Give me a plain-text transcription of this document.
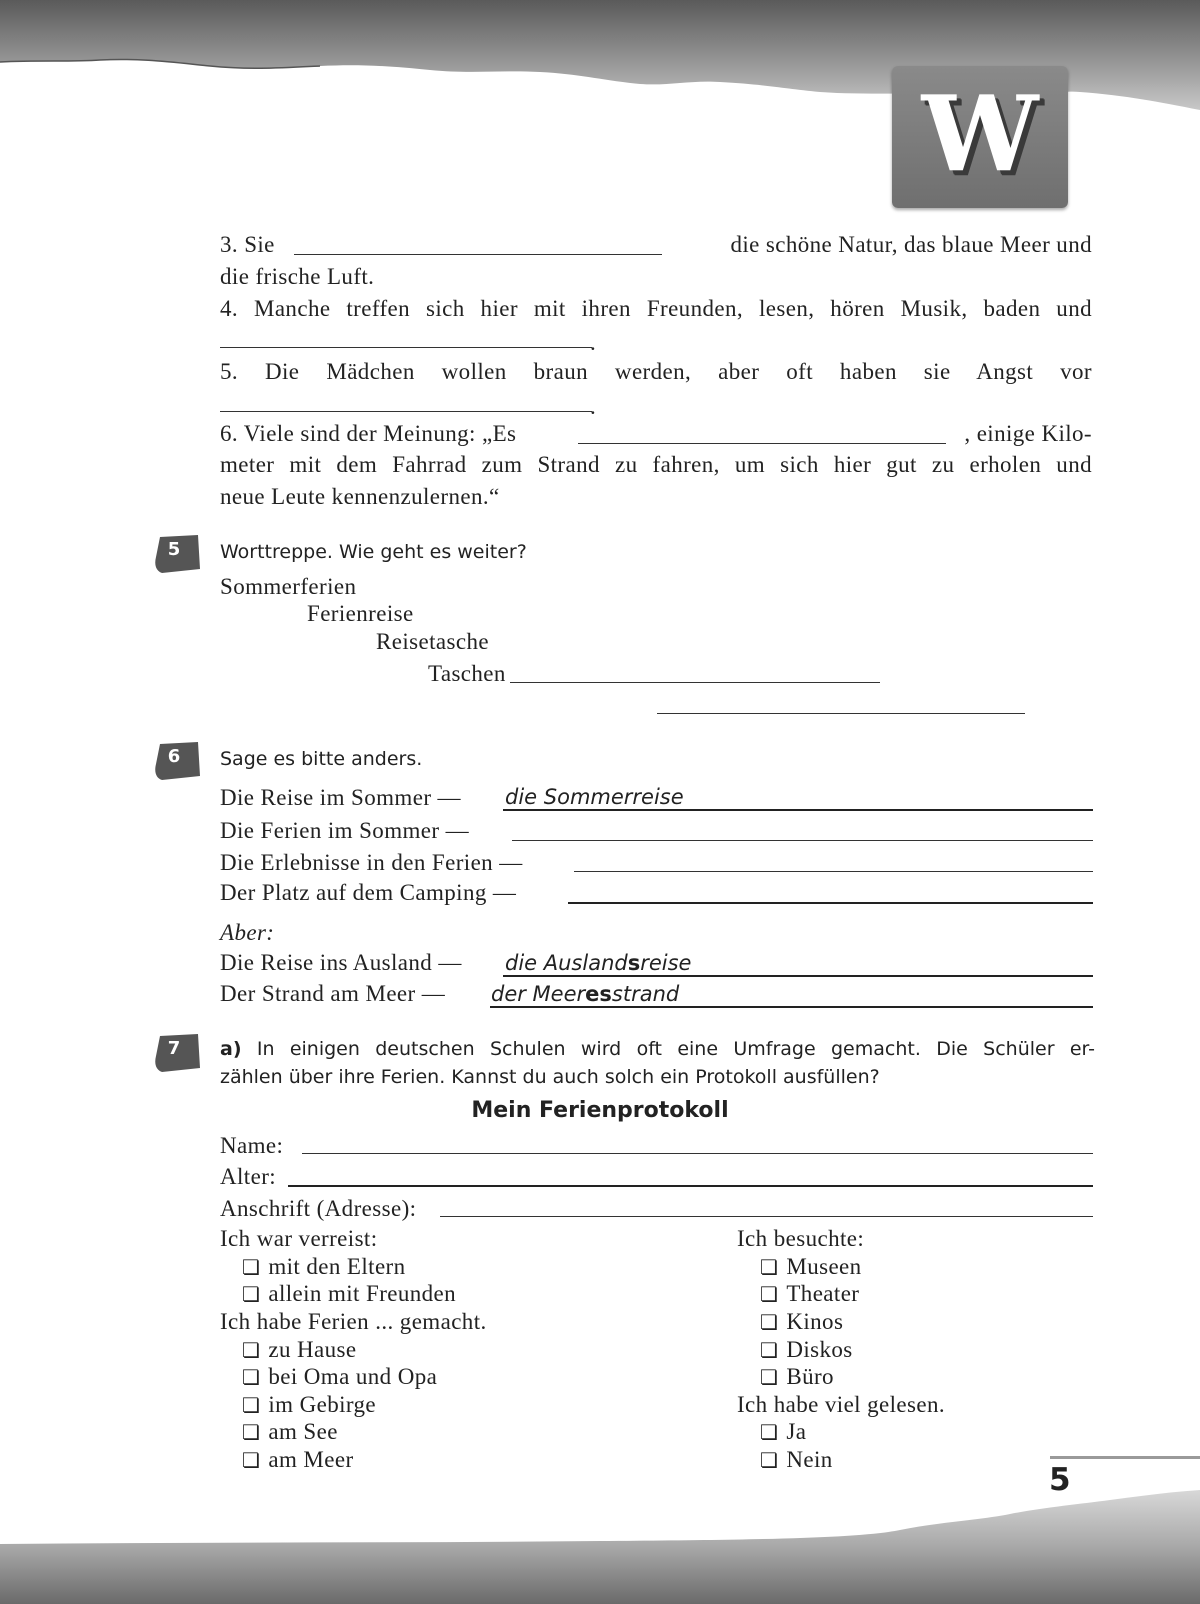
W
3. Sie	die schöne Natur, das blaue Meer und
die frische Luft.
4. Manche treffen sich hier mit ihren Freunden, lesen, hören Musik, baden und
.
5. Die Mädchen wollen braun werden, aber oft haben sie Angst vor
.
6. Viele sind der Meinung: „Es	, einige Kilo-
meter mit dem Fahrrad zum Strand zu fahren, um sich hier gut zu erholen und
neue Leute kennenzulernen.“
5	Worttreppe. Wie geht es weiter?
Sommerferien
Ferienreise
Reisetasche
Taschen
6	Sage es bitte anders.
Die Reise im Sommer — die Sommerreise
Die Ferien im Sommer —
Die Erlebnisse in den Ferien —
Der Platz auf dem Camping —
Aber:
Die Reise ins Ausland — die Auslandsreise
Der Strand am Meer — der Meeresstrand
7	a) In einigen deutschen Schulen wird oft eine Umfrage gemacht. Die Schüler er-
zählen über ihre Ferien. Kannst du auch solch ein Protokoll ausfüllen?
Mein Ferienprotokoll
Name:
Alter:
Anschrift (Adresse):
Ich war verreist:
❏ mit den Eltern
❏ allein mit Freunden
Ich habe Ferien ... gemacht.
❏ zu Hause
❏ bei Oma und Opa
❏ im Gebirge
❏ am See
❏ am Meer
Ich besuchte:
❏ Museen
❏ Theater
❏ Kinos
❏ Diskos
❏ Büro
Ich habe viel gelesen.
❏ Ja
❏ Nein
5
